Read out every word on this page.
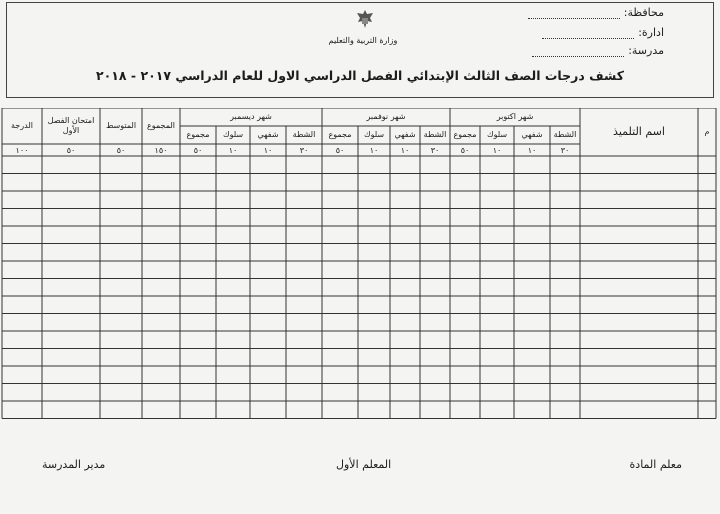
محافظة:
ادارة:
مدرسة:
وزارة التربية والتعليم
كشف درجات الصف الثالث الإبتدائي الفصل الدراسي الاول للعام الدراسي ٢٠١٧ - ٢٠١٨
م
اسم التلميذ
شهر اكتوبر
الشطة
٣٠
شفهي
١٠
سلوك
١٠
مجموع
٥٠
شهر نوفمبر
الشطة
٣٠
شفهي
١٠
سلوك
١٠
مجموع
٥٠
شهر ديسمبر
الشطة
٣٠
شفهي
١٠
سلوك
١٠
مجموع
٥٠
المجموع
المتوسط
امتحان الفصل الأول
الدرجة
١٥٠
٥٠
٥٠
١٠٠
معلم المادة
المعلم الأول
مدير المدرسة
